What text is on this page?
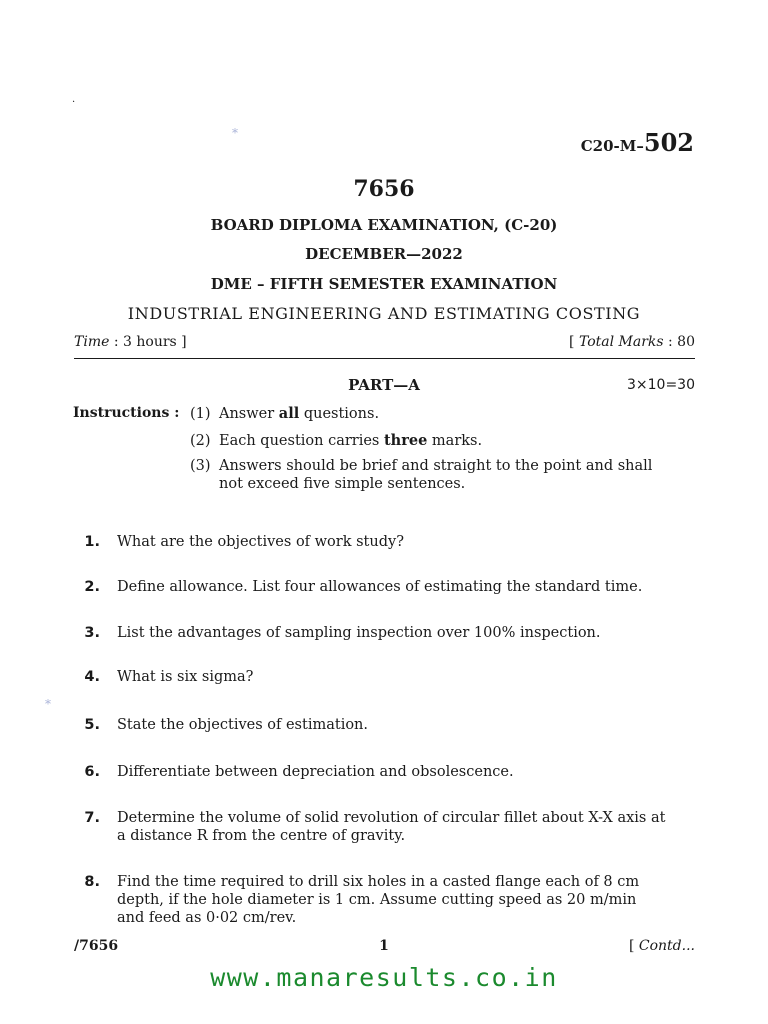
.
*
*
C20-M–502
7656
BOARD DIPLOMA EXAMINATION, (C-20)
DECEMBER—2022
DME – FIFTH SEMESTER EXAMINATION
INDUSTRIAL ENGINEERING AND ESTIMATING COSTING
Time : 3 hours ]	[ Total Marks : 80
PART—A	3×10=30
Instructions : (1) Answer all questions.
(2) Each question carries three marks.
(3) Answers should be brief and straight to the point and shall not exceed five simple sentences.
1. What are the objectives of work study?
2. Define allowance. List four allowances of estimating the standard time.
3. List the advantages of sampling inspection over 100% inspection.
4. What is six sigma?
5. State the objectives of estimation.
6. Differentiate between depreciation and obsolescence.
7. Determine the volume of solid revolution of circular fillet about X-X axis at a distance R from the centre of gravity.
8. Find the time required to drill six holes in a casted flange each of 8 cm depth, if the hole diameter is 1 cm. Assume cutting speed as 20 m/min and feed as 0·02 cm/rev.
/7656	1	[ Contd...
www.manaresults.co.in
